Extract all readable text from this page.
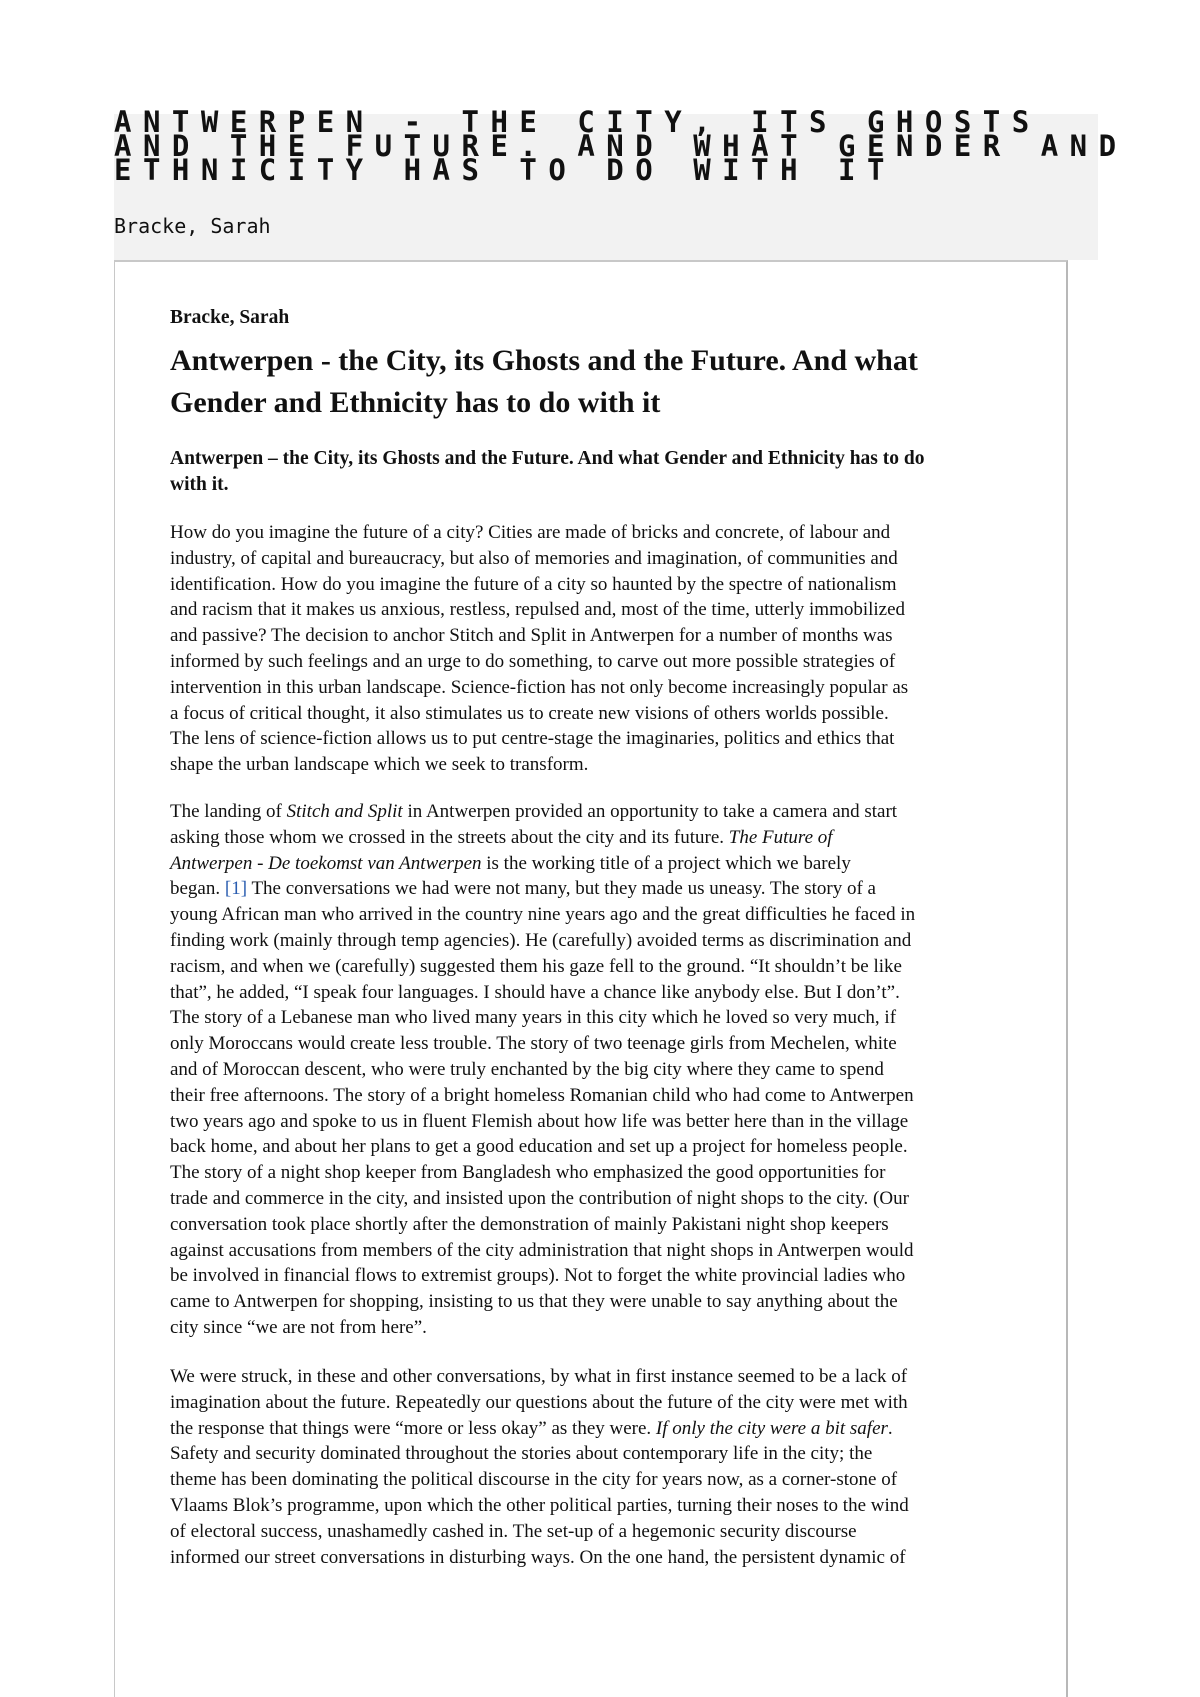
ANTWERPEN - THE CITY, ITS GHOSTS
AND THE FUTURE. AND WHAT GENDER AND
ETHNICITY HAS TO DO WITH IT
Bracke, Sarah

Bracke, Sarah

Antwerpen - the City, its Ghosts and the Future. And what
Gender and Ethnicity has to do with it
Antwerpen – the City, its Ghosts and the Future. And what Gender and Ethnicity has to do
with it.

How do you imagine the future of a city? Cities are made of bricks and concrete, of labour and
industry, of capital and bureaucracy, but also of memories and imagination, of communities and
identification. How do you imagine the future of a city so haunted by the spectre of nationalism
and racism that it makes us anxious, restless, repulsed and, most of the time, utterly immobilized
and passive? The decision to anchor Stitch and Split in Antwerpen for a number of months was
informed by such feelings and an urge to do something, to carve out more possible strategies of
intervention in this urban landscape. Science-fiction has not only become increasingly popular as
a focus of critical thought, it also stimulates us to create new visions of others worlds possible.
The lens of science-fiction allows us to put centre-stage the imaginaries, politics and ethics that
shape the urban landscape which we seek to transform.

The landing of Stitch and Split in Antwerpen provided an opportunity to take a camera and start
asking those whom we crossed in the streets about the city and its future. The Future of
Antwerpen - De toekomst van Antwerpen is the working title of a project which we barely
began. [1] The conversations we had were not many, but they made us uneasy. The story of a
young African man who arrived in the country nine years ago and the great difficulties he faced in
finding work (mainly through temp agencies). He (carefully) avoided terms as discrimination and
racism, and when we (carefully) suggested them his gaze fell to the ground. “It shouldn’t be like
that”, he added, “I speak four languages. I should have a chance like anybody else. But I don’t”.
The story of a Lebanese man who lived many years in this city which he loved so very much, if
only Moroccans would create less trouble. The story of two teenage girls from Mechelen, white
and of Moroccan descent, who were truly enchanted by the big city where they came to spend
their free afternoons. The story of a bright homeless Romanian child who had come to Antwerpen
two years ago and spoke to us in fluent Flemish about how life was better here than in the village
back home, and about her plans to get a good education and set up a project for homeless people.
The story of a night shop keeper from Bangladesh who emphasized the good opportunities for
trade and commerce in the city, and insisted upon the contribution of night shops to the city. (Our
conversation took place shortly after the demonstration of mainly Pakistani night shop keepers
against accusations from members of the city administration that night shops in Antwerpen would
be involved in financial flows to extremist groups). Not to forget the white provincial ladies who
came to Antwerpen for shopping, insisting to us that they were unable to say anything about the
city since “we are not from here”.

We were struck, in these and other conversations, by what in first instance seemed to be a lack of
imagination about the future. Repeatedly our questions about the future of the city were met with
the response that things were “more or less okay” as they were. If only the city were a bit safer.
Safety and security dominated throughout the stories about contemporary life in the city; the
theme has been dominating the political discourse in the city for years now, as a corner-stone of
Vlaams Blok’s programme, upon which the other political parties, turning their noses to the wind
of electoral success, unashamedly cashed in. The set-up of a hegemonic security discourse
informed our street conversations in disturbing ways. On the one hand, the persistent dynamic of
